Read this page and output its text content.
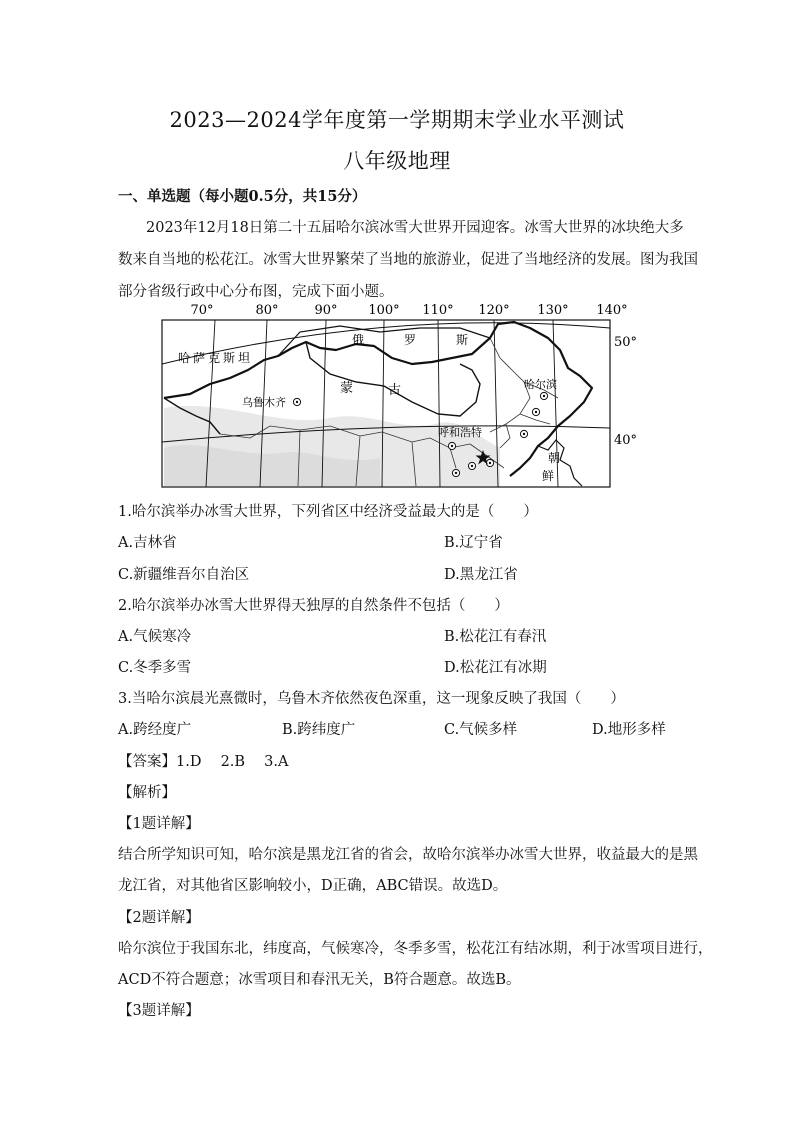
2023—2024学年度第一学期期末学业水平测试
八年级地理
一、单选题（每小题0.5分，共15分）
2023年12月18日第二十五届哈尔滨冰雪大世界开园迎客。冰雪大世界的冰块绝大多
数来自当地的松花江。冰雪大世界繁荣了当地的旅游业，促进了当地经济的发展。图为我国
部分省级行政中心分布图，完成下面小题。
70°	80°	90° 100° 110° 120° 130° 140°
俄	罗	斯
哈萨克斯坦
蒙	古
朝
鲜
乌鲁木齐
哈尔滨
呼和浩特
50°
40°
1.哈尔滨举办冰雪大世界，下列省区中经济受益最大的是（　　）
A.吉林省	B.辽宁省
C.新疆维吾尔自治区	D.黑龙江省
2.哈尔滨举办冰雪大世界得天独厚的自然条件不包括（　　）
A.气候寒冷	B.松花江有春汛
C.冬季多雪	D.松花江有冰期
3.当哈尔滨晨光熹微时，乌鲁木齐依然夜色深重，这一现象反映了我国（　　）
A.跨经度广	B.跨纬度广	C.气候多样	D.地形多样
【答案】1.D　 2.B　 3.A
【解析】
【1题详解】
结合所学知识可知，哈尔滨是黑龙江省的省会，故哈尔滨举办冰雪大世界，收益最大的是黑
龙江省，对其他省区影响较小，D正确，ABC错误。故选D。
【2题详解】
哈尔滨位于我国东北，纬度高，气候寒冷，冬季多雪，松花江有结冰期，利于冰雪项目进行，
ACD不符合题意；冰雪项目和春汛无关，B符合题意。故选B。
【3题详解】
